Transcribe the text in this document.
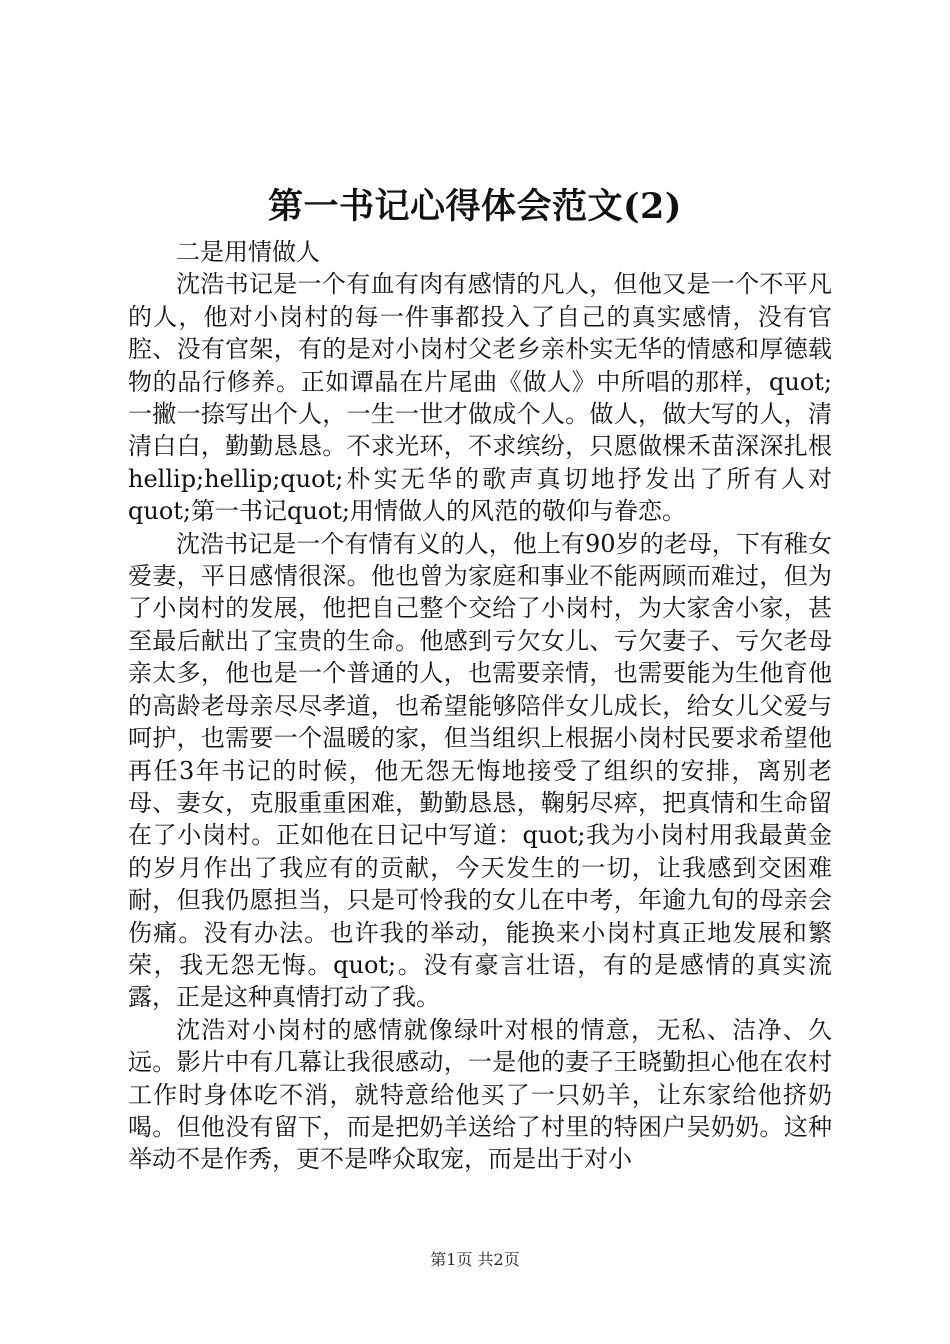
第一书记心得体会范文(2)

二是用情做人

沈浩书记是一个有血有肉有感情的凡人，但他又是一个不平凡的人，他对小岗村的每一件事都投入了自己的真实感情，没有官腔、没有官架，有的是对小岗村父老乡亲朴实无华的情感和厚德载物的品行修养。正如谭晶在片尾曲《做人》中所唱的那样，quot;一撇一捺写出个人，一生一世才做成个人。做人，做大写的人，清清白白，勤勤恳恳。不求光环，不求缤纷，只愿做棵禾苗深深扎根hellip;hellip;quot;朴实无华的歌声真切地抒发出了所有人对quot;第一书记quot;用情做人的风范的敬仰与眷恋。

沈浩书记是一个有情有义的人，他上有90岁的老母，下有稚女爱妻，平日感情很深。他也曾为家庭和事业不能两顾而难过，但为了小岗村的发展，他把自己整个交给了小岗村，为大家舍小家，甚至最后献出了宝贵的生命。他感到亏欠女儿、亏欠妻子、亏欠老母亲太多，他也是一个普通的人，也需要亲情，也需要能为生他育他的高龄老母亲尽尽孝道，也希望能够陪伴女儿成长，给女儿父爱与呵护，也需要一个温暖的家，但当组织上根据小岗村民要求希望他再任3年书记的时候，他无怨无悔地接受了组织的安排，离别老母、妻女，克服重重困难，勤勤恳恳，鞠躬尽瘁，把真情和生命留在了小岗村。正如他在日记中写道：quot;我为小岗村用我最黄金的岁月作出了我应有的贡献，今天发生的一切，让我感到交困难耐，但我仍愿担当，只是可怜我的女儿在中考，年逾九旬的母亲会伤痛。没有办法。也许我的举动，能换来小岗村真正地发展和繁荣，我无怨无悔。quot;。没有豪言壮语，有的是感情的真实流露，正是这种真情打动了我。

沈浩对小岗村的感情就像绿叶对根的情意，无私、洁净、久远。影片中有几幕让我很感动，一是他的妻子王晓勤担心他在农村工作时身体吃不消，就特意给他买了一只奶羊，让东家给他挤奶喝。但他没有留下，而是把奶羊送给了村里的特困户吴奶奶。这种举动不是作秀，更不是哗众取宠，而是出于对小

第1页 共2页
